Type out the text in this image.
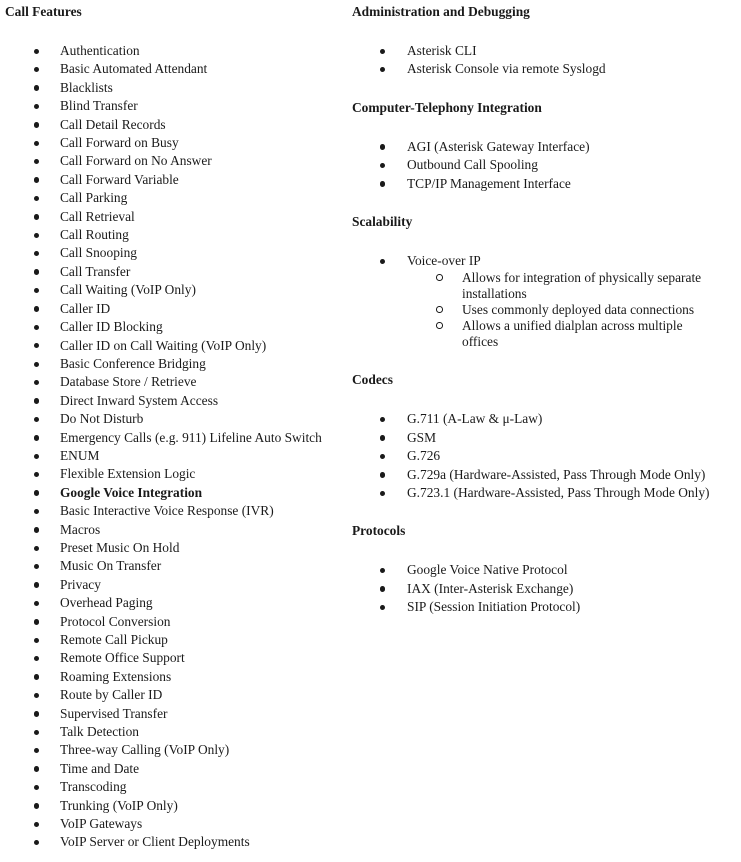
Call Features
Authentication
Basic Automated Attendant
Blacklists
Blind Transfer
Call Detail Records
Call Forward on Busy
Call Forward on No Answer
Call Forward Variable
Call Parking
Call Retrieval
Call Routing
Call Snooping
Call Transfer
Call Waiting (VoIP Only)
Caller ID
Caller ID Blocking
Caller ID on Call Waiting (VoIP Only)
Basic Conference Bridging
Database Store / Retrieve
Direct Inward System Access
Do Not Disturb
Emergency Calls (e.g. 911) Lifeline Auto Switch
ENUM
Flexible Extension Logic
Google Voice Integration
Basic Interactive Voice Response (IVR)
Macros
Preset Music On Hold
Music On Transfer
Privacy
Overhead Paging
Protocol Conversion
Remote Call Pickup
Remote Office Support
Roaming Extensions
Route by Caller ID
Supervised Transfer
Talk Detection
Three-way Calling (VoIP Only)
Time and Date
Transcoding
Trunking (VoIP Only)
VoIP Gateways
VoIP Server or Client Deployments
Administration and Debugging
Asterisk CLI
Asterisk Console via remote Syslogd
Computer-Telephony Integration
AGI (Asterisk Gateway Interface)
Outbound Call Spooling
TCP/IP Management Interface
Scalability
Voice-over IP
Allows for integration of physically separate installations
Uses commonly deployed data connections
Allows a unified dialplan across multiple offices
Codecs
G.711 (A-Law & μ-Law)
GSM
G.726
G.729a (Hardware-Assisted, Pass Through Mode Only)
G.723.1 (Hardware-Assisted, Pass Through Mode Only)
Protocols
Google Voice Native Protocol
IAX (Inter-Asterisk Exchange)
SIP (Session Initiation Protocol)
